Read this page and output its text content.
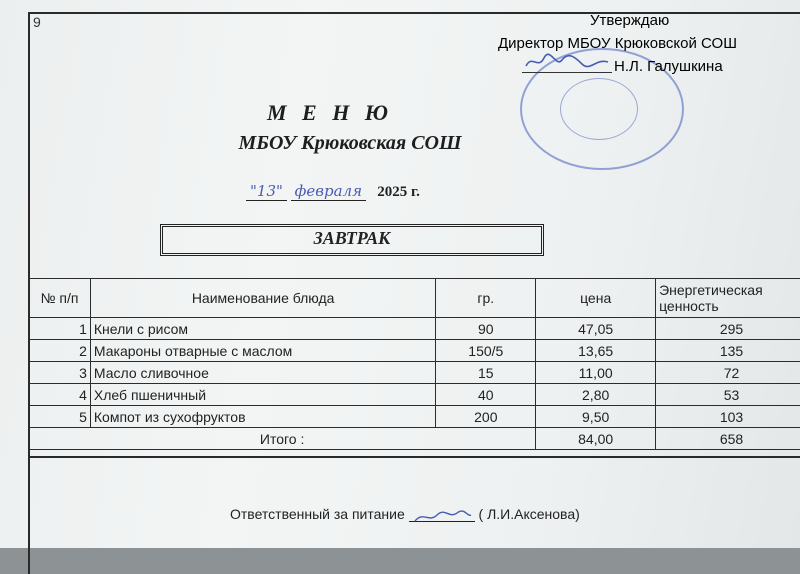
9	Утверждаю
Директор МБОУ Крюковской СОШ
Н.Л. Галушкина
М Е Н Ю
МБОУ Крюковская СОШ
"13" февраля 2025 г.
ЗАВТРАК
№ п/п	Наименование блюда	гр.	цена	Энергетическая ценность
1	Кнели с рисом	90	47,05	295
2	Макароны отварные с маслом	150/5	13,65	135
3	Масло сливочное	15	11,00	72
4	Хлеб пшеничный	40	2,80	53
5	Компот из сухофруктов	200	9,50	103
Итого :			84,00	658
Ответственный за питание	( Л.И.Аксенова)
